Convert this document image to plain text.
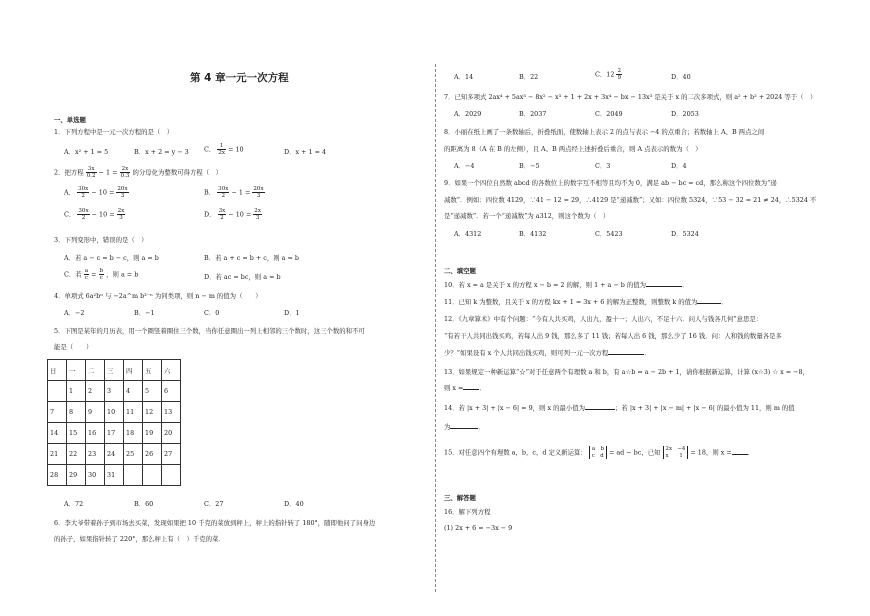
第 4 章一元一次方程
一、单选题
1．下列方程中是一元一次方程的是（　）
A．x² + 1 = 5	B．x + 2 = y − 3 C． $\frac{1}{2x} = 10$	D．x + 1 = 4
2．把方程 $\frac{3x}{0.2} - 1 = \frac{2x}{0.3}$ 的分母化为整数可得方程（　）
A． $\frac{30x}{2} - 10 = \frac{20x}{3}$	B． $\frac{30x}{2} - 1 = \frac{20x}{3}$
C． $\frac{30x}{2} - 10 = \frac{2x}{3}$	D． $\frac{3x}{2} - 10 = \frac{2x}{3}$
3．下列变形中，错误的是（　）
A．若 a − c = b − c，则 a = b	B．若 a + c = b + c，则 a = b
C．若 $\frac{a}{c} = \frac{b}{c}$ ，则 a = b	D．若 ac = bc，则 a = b
4．单项式 6a²bⁿ 与 −2a^m b³⁻ⁿ 为同类项，则 n − m 的值为（　　）
A．−2	B．−1	C．0	D．1
5．下图是某年的月历表，用一个圈竖着圈住三个数，当你任意圈出一列上相邻的三个数时，这三个数的和不可
能是（　　）
日	一	二	三	四	五	六
	1	2	3	4	5	6
7	8	9	10	11	12	13
14	15	16	17	18	19	20
21	22	23	24	25	26	27
28	29	30	31			
A．72	B．60	C．27	D．40
6．李大爷带着孙子到市场去买菜，发现如果把 10 千克的菜放到秤上，秤上的指针转了 180°，随即他问了问身边
的孙子，如果指针转了 220°，那么秤上有（　）千克的菜．
A．14	B．22	C．$12 \frac{2}{9}$	D．40
7．已知多项式 2ax⁴ + 5ax³ − 8x² − x³ + 1 + 2x + 3x⁴ − bx − 13x³ 是关于 x 的二次多项式，则 a² + b² + 2024 等于（　）
A．2029	B．2037	C．2049	D．2053
8．小丽在纸上画了一条数轴后，折叠纸面，使数轴上表示 2 的点与表示 −4 的点重合；若数轴上 A、B 两点之间
的距离为 8（A 在 B 的左侧），且 A、B 两点经上述折叠后重合，则 A 点表示的数为（　）
A．−4	B．−5	C．3	D．4
9．如果一个四位自然数 abcd 的各数位上的数字互不相等且均不为 0，满足 ab − bc = cd，那么称这个四位数为“递
减数”．例如：四位数 4129，∵41 − 12 = 29，∴4129 是“递减数”；又如：四位数 5324，∵53 − 32 = 21 ≠ 24，∴5324 不
是“递减数”．若一个“递减数”为 a312，则这个数为（　）
A．4312	B．4132	C．5423	D．5324
二、填空题
10．若 x = a 是关于 x 的方程 x − b = 2 的解，则 1 + a − b 的值为	．
11．已知 k 为整数，且关于 x 的方程 kx + 1 = 3x + 6 的解为正整数，则整数 k 的值为	．
12．《九章算术》中有个问题：“今有人共买鸡，人出九，盈十一；人出六，不足十六．问人与钱各几何”意思是：
“有若干人共同出钱买鸡，若每人出 9 钱，那么多了 11 钱；若每人出 6 钱，那么少了 16 钱．问：人和钱的数量各是多
少？”如果设有 x 个人共同出钱买鸡，则可列一元一次方程	．
13．如果规定一种新运算“☆”对于任意两个有理数 a 和 b，有 a☆b = a − 2b + 1，请你根据新运算，计算 (x☆3) ☆ x = −8，
则 x =	．
14．若 |x + 3| + |x − 6| = 9，则 x 的最小值为	；若 |x + 3| + |x − m| + |x − 6| 的最小值为 11，则 m 的值
为	．
15．对任意四个有理数 a，b，c，d 定义新运算： a　b
c　d = ad − bc，已知 2x　−4
x　　1	= 18，则 x =	．
三、解答题
16．解下列方程
(1) 2x + 6 = −3x − 9
